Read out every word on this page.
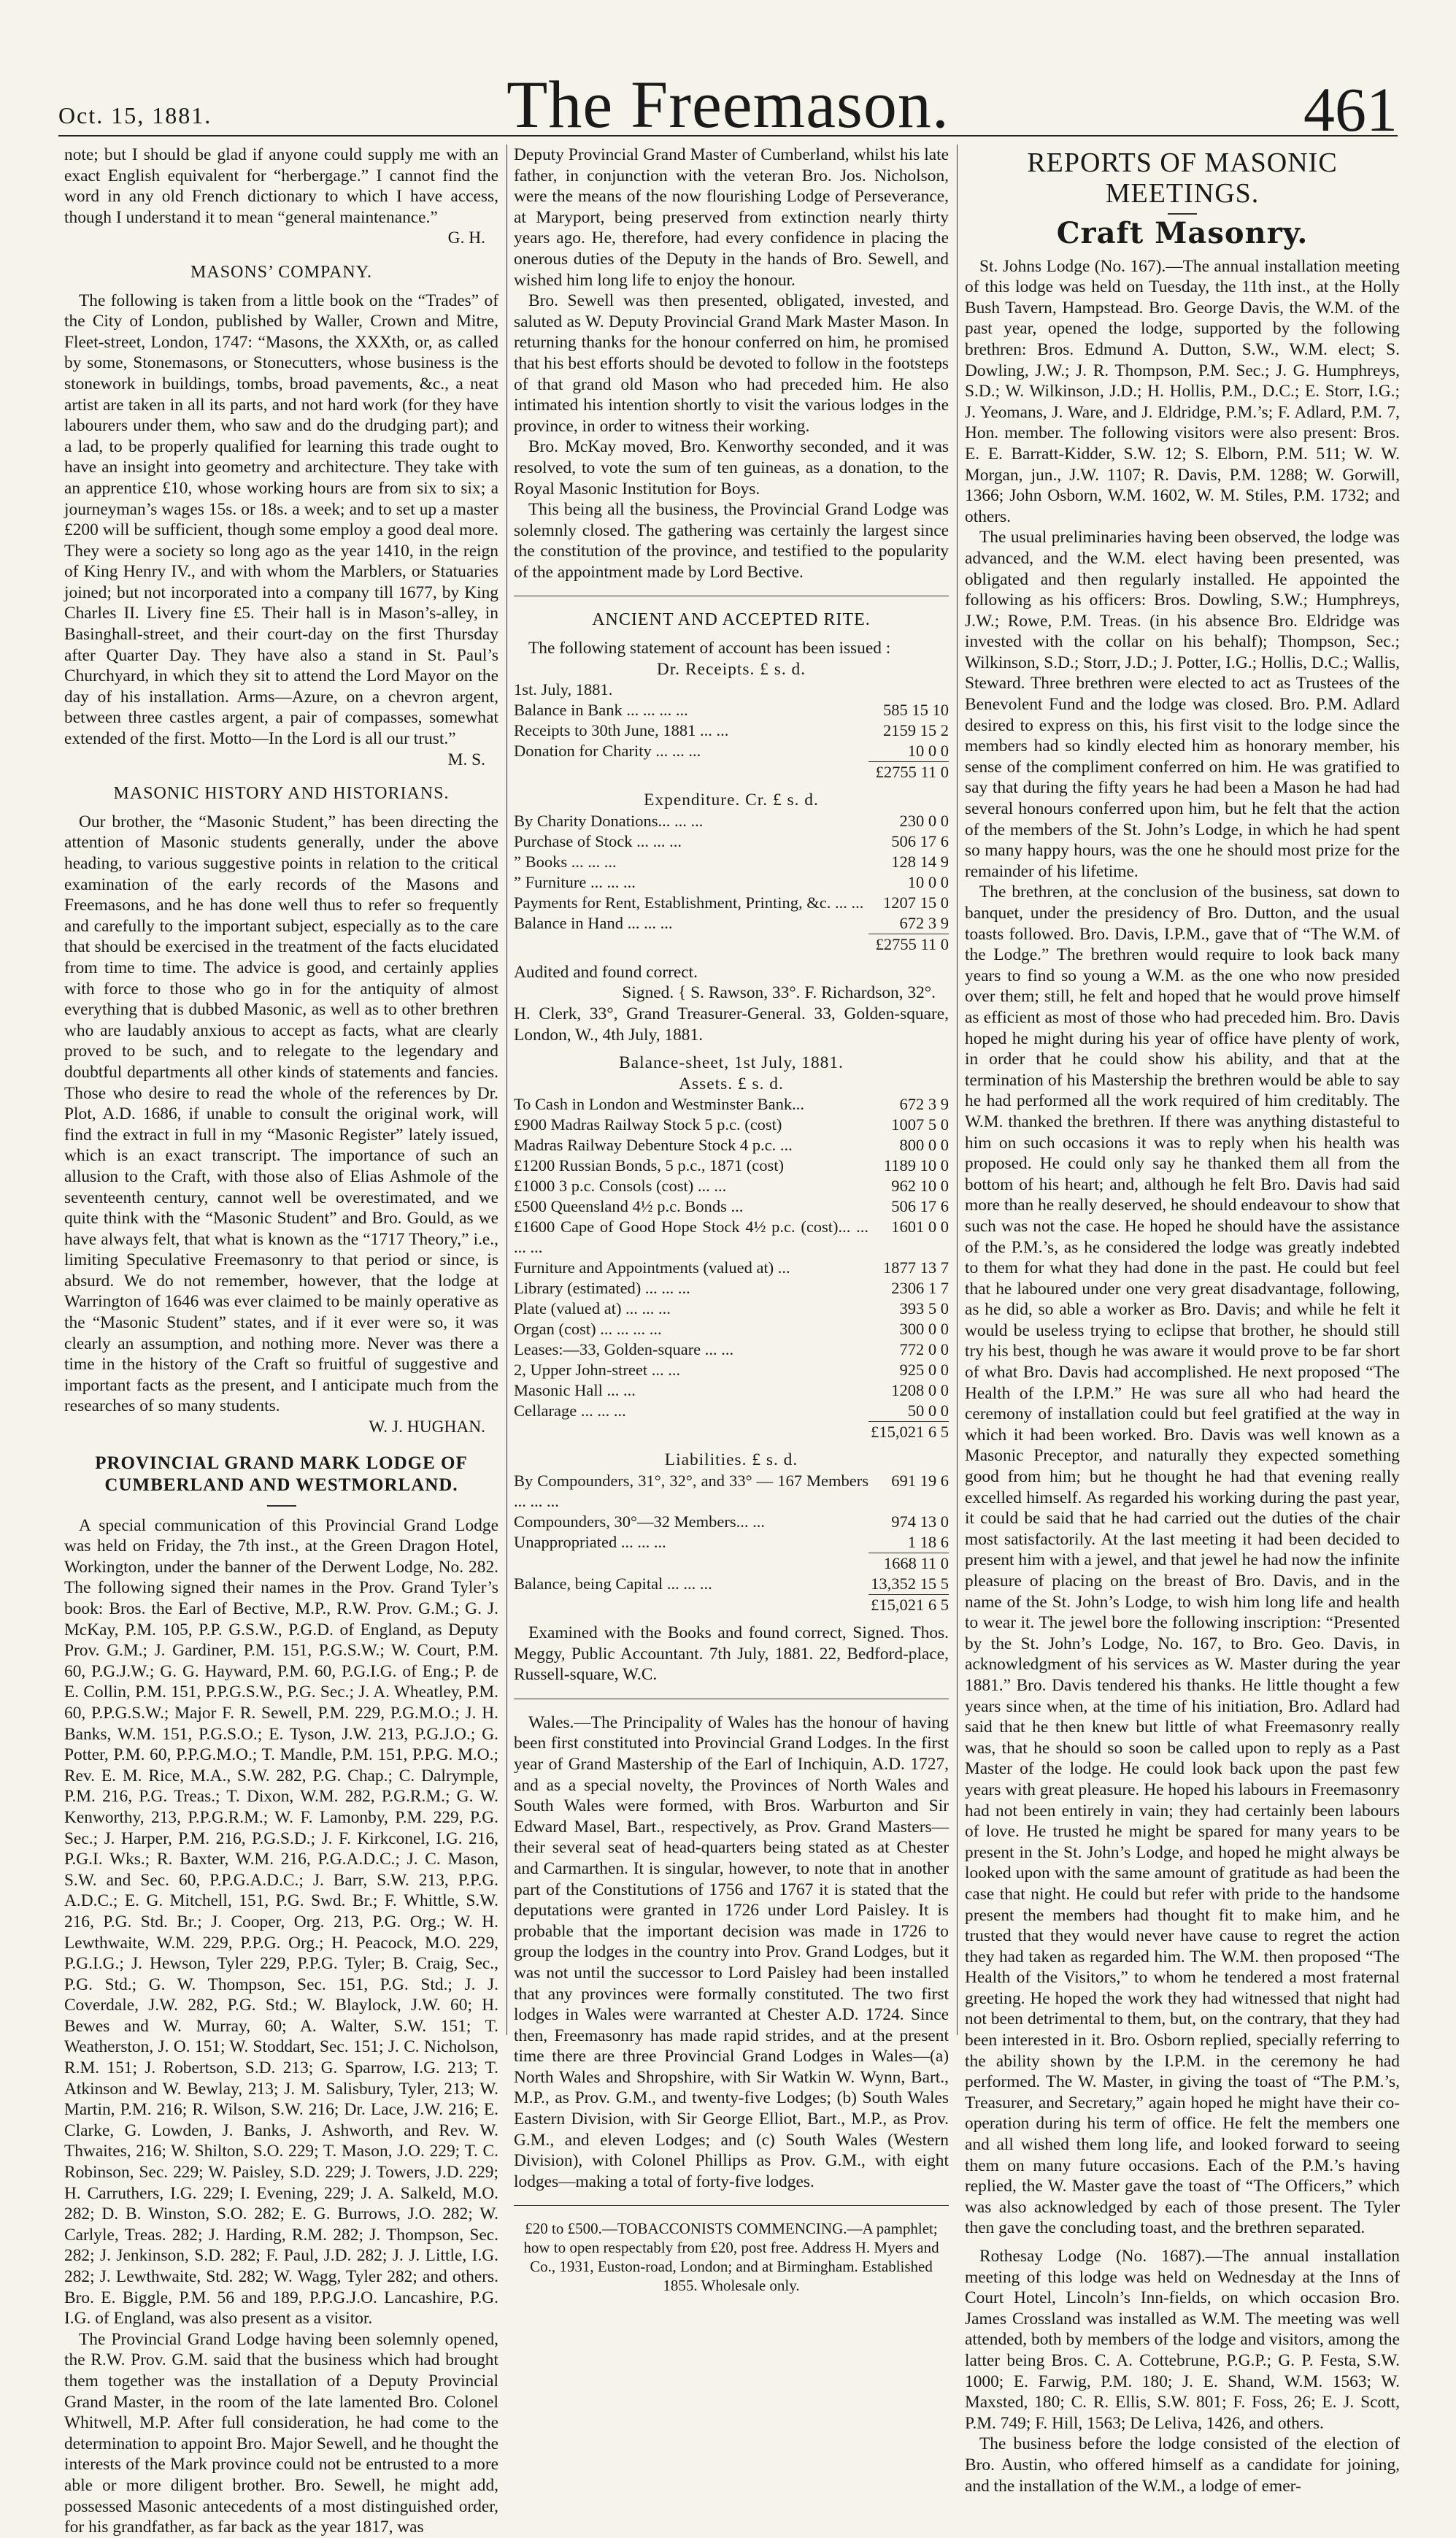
Oct. 15, 1881.	The Freemason.	461

note; but I should be glad if anyone could supply me with an exact English equivalent for “herbergage.” I cannot find the word in any old French dictionary to which I have access, though I understand it to mean “general maintenance.”

G. H.
MASONS’ COMPANY.

The following is taken from a little book on the “Trades” of the City of London, published by Waller, Crown and Mitre, Fleet-street, London, 1747: “Masons, the XXXth, or, as called by some, Stonemasons, or Stonecutters, whose business is the stonework in buildings, tombs, broad pavements, &c., a neat artist are taken in all its parts, and not hard work (for they have labourers under them, who saw and do the drudging part); and a lad, to be properly qualified for learning this trade ought to have an insight into geometry and architecture. They take with an apprentice £10, whose working hours are from six to six; a journeyman’s wages 15s. or 18s. a week; and to set up a master £200 will be sufficient, though some employ a good deal more. They were a society so long ago as the year 1410, in the reign of King Henry IV., and with whom the Marblers, or Statuaries joined; but not incorporated into a company till 1677, by King Charles II. Livery fine £5. Their hall is in Mason’s-alley, in Basinghall-street, and their court-day on the first Thursday after Quarter Day. They have also a stand in St. Paul’s Churchyard, in which they sit to attend the Lord Mayor on the day of his installation. Arms—Azure, on a chevron argent, between three castles argent, a pair of compasses, somewhat extended of the first. Motto—In the Lord is all our trust.”

M. S.
MASONIC HISTORY AND HISTORIANS.

Our brother, the “Masonic Student,” has been directing the attention of Masonic students generally, under the above heading, to various suggestive points in relation to the critical examination of the early records of the Masons and Freemasons, and he has done well thus to refer so frequently and carefully to the important subject, especially as to the care that should be exercised in the treatment of the facts elucidated from time to time. The advice is good, and certainly applies with force to those who go in for the antiquity of almost everything that is dubbed Masonic, as well as to other brethren who are laudably anxious to accept as facts, what are clearly proved to be such, and to relegate to the legendary and doubtful departments all other kinds of statements and fancies. Those who desire to read the whole of the references by Dr. Plot, A.D. 1686, if unable to consult the original work, will find the extract in full in my “Masonic Register” lately issued, which is an exact transcript. The importance of such an allusion to the Craft, with those also of Elias Ashmole of the seventeenth century, cannot well be overestimated, and we quite think with the “Masonic Student” and Bro. Gould, as we have always felt, that what is known as the “1717 Theory,” i.e., limiting Speculative Freemasonry to that period or since, is absurd. We do not remember, however, that the lodge at Warrington of 1646 was ever claimed to be mainly operative as the “Masonic Student” states, and if it ever were so, it was clearly an assumption, and nothing more. Never was there a time in the history of the Craft so fruitful of suggestive and important facts as the present, and I anticipate much from the researches of so many students.

W. J. HUGHAN.
PROVINCIAL GRAND MARK LODGE OF CUMBERLAND AND WESTMORLAND.

A special communication of this Provincial Grand Lodge was held on Friday, the 7th inst., at the Green Dragon Hotel, Workington, under the banner of the Derwent Lodge, No. 282. The following signed their names in the Prov. Grand Tyler’s book: Bros. the Earl of Bective, M.P., R.W. Prov. G.M.; G. J. McKay, P.M. 105, P.P. G.S.W., P.G.D. of England, as Deputy Prov. G.M.; J. Gardiner, P.M. 151, P.G.S.W.; W. Court, P.M. 60, P.G.J.W.; G. G. Hayward, P.M. 60, P.G.I.G. of Eng.; P. de E. Collin, P.M. 151, P.P.G.S.W., P.G. Sec.; J. A. Wheatley, P.M. 60, P.P.G.S.W.; Major F. R. Sewell, P.M. 229, P.G.M.O.; J. H. Banks, W.M. 151, P.G.S.O.; E. Tyson, J.W. 213, P.G.J.O.; G. Potter, P.M. 60, P.P.G.M.O.; T. Mandle, P.M. 151, P.P.G. M.O.; Rev. E. M. Rice, M.A., S.W. 282, P.G. Chap.; C. Dalrymple, P.M. 216, P.G. Treas.; T. Dixon, W.M. 282, P.G.R.M.; G. W. Kenworthy, 213, P.P.G.R.M.; W. F. Lamonby, P.M. 229, P.G. Sec.; J. Harper, P.M. 216, P.G.S.D.; J. F. Kirkconel, I.G. 216, P.G.I. Wks.; R. Baxter, W.M. 216, P.G.A.D.C.; J. C. Mason, S.W. and Sec. 60, P.P.G.A.D.C.; J. Barr, S.W. 213, P.P.G. A.D.C.; E. G. Mitchell, 151, P.G. Swd. Br.; F. Whittle, S.W. 216, P.G. Std. Br.; J. Cooper, Org. 213, P.G. Org.; W. H. Lewthwaite, W.M. 229, P.P.G. Org.; H. Peacock, M.O. 229, P.G.I.G.; J. Hewson, Tyler 229, P.P.G. Tyler; B. Craig, Sec., P.G. Std.; G. W. Thompson, Sec. 151, P.G. Std.; J. J. Coverdale, J.W. 282, P.G. Std.; W. Blaylock, J.W. 60; H. Bewes and W. Murray, 60; A. Walter, S.W. 151; T. Weatherston, J. O. 151; W. Stoddart, Sec. 151; J. C. Nicholson, R.M. 151; J. Robertson, S.D. 213; G. Sparrow, I.G. 213; T. Atkinson and W. Bewlay, 213; J. M. Salisbury, Tyler, 213; W. Martin, P.M. 216; R. Wilson, S.W. 216; Dr. Lace, J.W. 216; E. Clarke, G. Lowden, J. Banks, J. Ashworth, and Rev. W. Thwaites, 216; W. Shilton, S.O. 229; T. Mason, J.O. 229; T. C. Robinson, Sec. 229; W. Paisley, S.D. 229; J. Towers, J.D. 229; H. Carruthers, I.G. 229; I. Evening, 229; J. A. Salkeld, M.O. 282; D. B. Winston, S.O. 282; E. G. Burrows, J.O. 282; W. Carlyle, Treas. 282; J. Harding, R.M. 282; J. Thompson, Sec. 282; J. Jenkinson, S.D. 282; F. Paul, J.D. 282; J. J. Little, I.G. 282; J. Lewthwaite, Std. 282; W. Wagg, Tyler 282; and others. Bro. E. Biggle, P.M. 56 and 189, P.P.G.J.O. Lancashire, P.G. I.G. of England, was also present as a visitor.

The Provincial Grand Lodge having been solemnly opened, the R.W. Prov. G.M. said that the business which had brought them together was the installation of a Deputy Provincial Grand Master, in the room of the late lamented Bro. Colonel Whitwell, M.P. After full consideration, he had come to the determination to appoint Bro. Major Sewell, and he thought the interests of the Mark province could not be entrusted to a more able or more diligent brother. Bro. Sewell, he might add, possessed Masonic antecedents of a most distinguished order, for his grandfather, as far back as the year 1817, was

Deputy Provincial Grand Master of Cumberland, whilst his late father, in conjunction with the veteran Bro. Jos. Nicholson, were the means of the now flourishing Lodge of Perseverance, at Maryport, being preserved from extinction nearly thirty years ago. He, therefore, had every confidence in placing the onerous duties of the Deputy in the hands of Bro. Sewell, and wished him long life to enjoy the honour.

Bro. Sewell was then presented, obligated, invested, and saluted as W. Deputy Provincial Grand Mark Master Mason. In returning thanks for the honour conferred on him, he promised that his best efforts should be devoted to follow in the footsteps of that grand old Mason who had preceded him. He also intimated his intention shortly to visit the various lodges in the province, in order to witness their working.

Bro. McKay moved, Bro. Kenworthy seconded, and it was resolved, to vote the sum of ten guineas, as a donation, to the Royal Masonic Institution for Boys.

This being all the business, the Provincial Grand Lodge was solemnly closed. The gathering was certainly the largest since the constitution of the province, and testified to the popularity of the appointment made by Lord Bective.

ANCIENT AND ACCEPTED RITE.

The following statement of account has been issued :

Dr. Receipts. £ s. d.
1st. July, 1881.	
Balance in Bank ... ... ... ...	585 15 10
Receipts to 30th June, 1881 ... ...	2159 15 2
Donation for Charity ... ... ...	10 0 0
	£2755 11 0
Expenditure. Cr. £ s. d.
By Charity Donations... ... ...	230 0 0
Purchase of Stock ... ... ...	506 17 6
” Books ... ... ...	128 14 9
” Furniture ... ... ...	10 0 0
Payments for Rent, Establishment, Printing, &c. ... ...	1207 15 0
Balance in Hand ... ... ...	672 3 9
	£2755 11 0

Audited and found correct.

Signed. { S. Rawson, 33°. F. Richardson, 32°.

H. Clerk, 33°, Grand Treasurer-General. 33, Golden-square, London, W., 4th July, 1881.

Balance-sheet, 1st July, 1881.
Assets. £ s. d.
To Cash in London and Westminster Bank...	672 3 9
£900 Madras Railway Stock 5 p.c. (cost)	1007 5 0
Madras Railway Debenture Stock 4 p.c. ...	800 0 0
£1200 Russian Bonds, 5 p.c., 1871 (cost)	1189 10 0
£1000 3 p.c. Consols (cost) ... ...	962 10 0
£500 Queensland 4½ p.c. Bonds ...	506 17 6
£1600 Cape of Good Hope Stock 4½ p.c. (cost)... ... ... ...	1601 0 0
Furniture and Appointments (valued at) ...	1877 13 7
Library (estimated) ... ... ...	2306 1 7
Plate (valued at) ... ... ...	393 5 0
Organ (cost) ... ... ... ...	300 0 0
Leases:—33, Golden-square ... ...	772 0 0
2, Upper John-street ... ...	925 0 0
Masonic Hall ... ...	1208 0 0
Cellarage ... ... ...	50 0 0
	£15,021 6 5
Liabilities. £ s. d.
By Compounders, 31°, 32°, and 33° — 167 Members ... ... ...	691 19 6
Compounders, 30°—32 Members... ...	974 13 0
Unappropriated ... ... ...	1 18 6
	1668 11 0
Balance, being Capital ... ... ...	13,352 15 5
	£15,021 6 5

Examined with the Books and found correct, Signed. Thos. Meggy, Public Accountant. 7th July, 1881. 22, Bedford-place, Russell-square, W.C.

Wales.—The Principality of Wales has the honour of having been first constituted into Provincial Grand Lodges. In the first year of Grand Mastership of the Earl of Inchiquin, A.D. 1727, and as a special novelty, the Provinces of North Wales and South Wales were formed, with Bros. Warburton and Sir Edward Masel, Bart., respectively, as Prov. Grand Masters—their several seat of head-quarters being stated as at Chester and Carmarthen. It is singular, however, to note that in another part of the Constitutions of 1756 and 1767 it is stated that the deputations were granted in 1726 under Lord Paisley. It is probable that the important decision was made in 1726 to group the lodges in the country into Prov. Grand Lodges, but it was not until the successor to Lord Paisley had been installed that any provinces were formally constituted. The two first lodges in Wales were warranted at Chester A.D. 1724. Since then, Freemasonry has made rapid strides, and at the present time there are three Provincial Grand Lodges in Wales—(a) North Wales and Shropshire, with Sir Watkin W. Wynn, Bart., M.P., as Prov. G.M., and twenty-five Lodges; (b) South Wales Eastern Division, with Sir George Elliot, Bart., M.P., as Prov. G.M., and eleven Lodges; and (c) South Wales (Western Division), with Colonel Phillips as Prov. G.M., with eight lodges—making a total of forty-five lodges.

£20 to £500.—TOBACCONISTS COMMENCING.—A pamphlet; how to open respectably from £20, post free. Address H. Myers and Co., 1931, Euston-road, London; and at Birmingham. Established 1855. Wholesale only.
REPORTS OF MASONIC MEETINGS.
Craft Masonry.

St. Johns Lodge (No. 167).—The annual installation meeting of this lodge was held on Tuesday, the 11th inst., at the Holly Bush Tavern, Hampstead. Bro. George Davis, the W.M. of the past year, opened the lodge, supported by the following brethren: Bros. Edmund A. Dutton, S.W., W.M. elect; S. Dowling, J.W.; J. R. Thompson, P.M. Sec.; J. G. Humphreys, S.D.; W. Wilkinson, J.D.; H. Hollis, P.M., D.C.; E. Storr, I.G.; J. Yeomans, J. Ware, and J. Eldridge, P.M.’s; F. Adlard, P.M. 7, Hon. member. The following visitors were also present: Bros. E. E. Barratt-Kidder, S.W. 12; S. Elborn, P.M. 511; W. W. Morgan, jun., J.W. 1107; R. Davis, P.M. 1288; W. Gorwill, 1366; John Osborn, W.M. 1602, W. M. Stiles, P.M. 1732; and others.

The usual preliminaries having been observed, the lodge was advanced, and the W.M. elect having been presented, was obligated and then regularly installed. He appointed the following as his officers: Bros. Dowling, S.W.; Humphreys, J.W.; Rowe, P.M. Treas. (in his absence Bro. Eldridge was invested with the collar on his behalf); Thompson, Sec.; Wilkinson, S.D.; Storr, J.D.; J. Potter, I.G.; Hollis, D.C.; Wallis, Steward. Three brethren were elected to act as Trustees of the Benevolent Fund and the lodge was closed. Bro. P.M. Adlard desired to express on this, his first visit to the lodge since the members had so kindly elected him as honorary member, his sense of the compliment conferred on him. He was gratified to say that during the fifty years he had been a Mason he had had several honours conferred upon him, but he felt that the action of the members of the St. John’s Lodge, in which he had spent so many happy hours, was the one he should most prize for the remainder of his lifetime.

The brethren, at the conclusion of the business, sat down to banquet, under the presidency of Bro. Dutton, and the usual toasts followed. Bro. Davis, I.P.M., gave that of “The W.M. of the Lodge.” The brethren would require to look back many years to find so young a W.M. as the one who now presided over them; still, he felt and hoped that he would prove himself as efficient as most of those who had preceded him. Bro. Davis hoped he might during his year of office have plenty of work, in order that he could show his ability, and that at the termination of his Mastership the brethren would be able to say he had performed all the work required of him creditably. The W.M. thanked the brethren. If there was anything distasteful to him on such occasions it was to reply when his health was proposed. He could only say he thanked them all from the bottom of his heart; and, although he felt Bro. Davis had said more than he really deserved, he should endeavour to show that such was not the case. He hoped he should have the assistance of the P.M.’s, as he considered the lodge was greatly indebted to them for what they had done in the past. He could but feel that he laboured under one very great disadvantage, following, as he did, so able a worker as Bro. Davis; and while he felt it would be useless trying to eclipse that brother, he should still try his best, though he was aware it would prove to be far short of what Bro. Davis had accomplished. He next proposed “The Health of the I.P.M.” He was sure all who had heard the ceremony of installation could but feel gratified at the way in which it had been worked. Bro. Davis was well known as a Masonic Preceptor, and naturally they expected something good from him; but he thought he had that evening really excelled himself. As regarded his working during the past year, it could be said that he had carried out the duties of the chair most satisfactorily. At the last meeting it had been decided to present him with a jewel, and that jewel he had now the infinite pleasure of placing on the breast of Bro. Davis, and in the name of the St. John’s Lodge, to wish him long life and health to wear it. The jewel bore the following inscription: “Presented by the St. John’s Lodge, No. 167, to Bro. Geo. Davis, in acknowledgment of his services as W. Master during the year 1881.” Bro. Davis tendered his thanks. He little thought a few years since when, at the time of his initiation, Bro. Adlard had said that he then knew but little of what Freemasonry really was, that he should so soon be called upon to reply as a Past Master of the lodge. He could look back upon the past few years with great pleasure. He hoped his labours in Freemasonry had not been entirely in vain; they had certainly been labours of love. He trusted he might be spared for many years to be present in the St. John’s Lodge, and hoped he might always be looked upon with the same amount of gratitude as had been the case that night. He could but refer with pride to the handsome present the members had thought fit to make him, and he trusted that they would never have cause to regret the action they had taken as regarded him. The W.M. then proposed “The Health of the Visitors,” to whom he tendered a most fraternal greeting. He hoped the work they had witnessed that night had not been detrimental to them, but, on the contrary, that they had been interested in it. Bro. Osborn replied, specially referring to the ability shown by the I.P.M. in the ceremony he had performed. The W. Master, in giving the toast of “The P.M.’s, Treasurer, and Secretary,” again hoped he might have their co-operation during his term of office. He felt the members one and all wished them long life, and looked forward to seeing them on many future occasions. Each of the P.M.’s having replied, the W. Master gave the toast of “The Officers,” which was also acknowledged by each of those present. The Tyler then gave the concluding toast, and the brethren separated.

Rothesay Lodge (No. 1687).—The annual installation meeting of this lodge was held on Wednesday at the Inns of Court Hotel, Lincoln’s Inn-fields, on which occasion Bro. James Crossland was installed as W.M. The meeting was well attended, both by members of the lodge and visitors, among the latter being Bros. C. A. Cottebrune, P.G.P.; G. P. Festa, S.W. 1000; E. Farwig, P.M. 180; J. E. Shand, W.M. 1563; W. Maxsted, 180; C. R. Ellis, S.W. 801; F. Foss, 26; E. J. Scott, P.M. 749; F. Hill, 1563; De Leliva, 1426, and others.

The business before the lodge consisted of the election of Bro. Austin, who offered himself as a candidate for joining, and the installation of the W.M., a lodge of emer-
